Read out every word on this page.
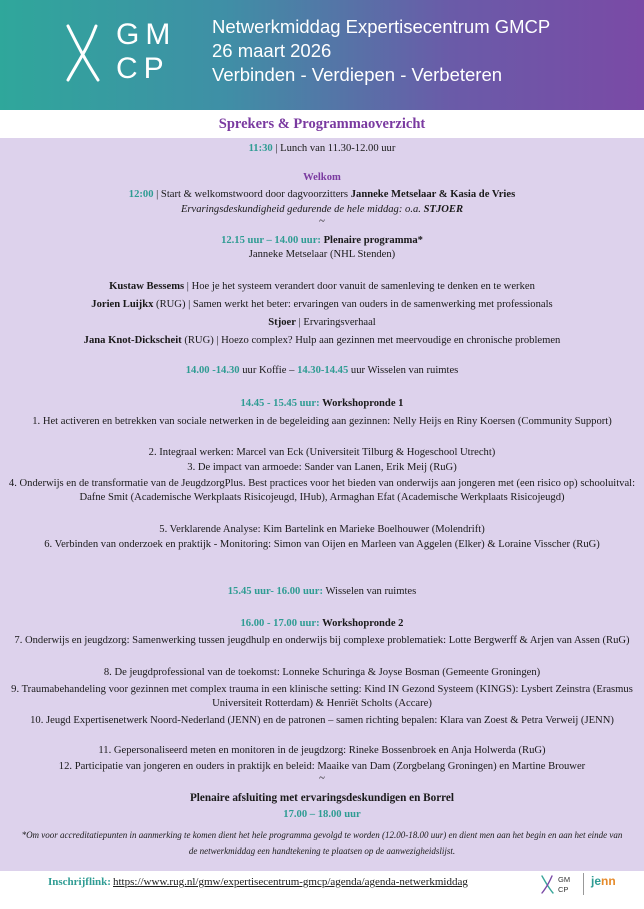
GM
CP
Netwerkmiddag Expertisecentrum GMCP
26 maart 2026
Verbinden - Verdiepen - Verbeteren
Sprekers & Programmaoverzicht
11:30 | Lunch van 11.30-12.00 uur
Welkom
12:00 | Start & welkomstwoord door dagvoorzitters Janneke Metselaar & Kasia de Vries
Ervaringsdeskundigheid gedurende de hele middag: o.a. STJOER
~
12.15 uur – 14.00 uur: Plenaire programma*
Janneke Metselaar (NHL Stenden)
Kustaw Bessems | Hoe je het systeem verandert door vanuit de samenleving te denken en te werken
Jorien Luijkx (RUG) | Samen werkt het beter: ervaringen van ouders in de samenwerking met professionals
Stjoer | Ervaringsverhaal
Jana Knot-Dickscheit (RUG) | Hoezo complex? Hulp aan gezinnen met meervoudige en chronische problemen
14.00 -14.30 uur Koffie – 14.30-14.45 uur Wisselen van ruimtes
14.45 - 15.45 uur: Workshopronde 1
1. Het activeren en betrekken van sociale netwerken in de begeleiding aan gezinnen: Nelly Heijs en Riny Koersen (Community Support)
2. Integraal werken: Marcel van Eck (Universiteit Tilburg & Hogeschool Utrecht)
3. De impact van armoede: Sander van Lanen, Erik Meij (RuG)
4. Onderwijs en de transformatie van de JeugdzorgPlus. Best practices voor het bieden van onderwijs aan jongeren met (een risico op) schooluitval: Dafne Smit (Academische Werkplaats Risicojeugd, IHub), Armaghan Efat (Academische Werkplaats Risicojeugd)
5. Verklarende Analyse: Kim Bartelink en Marieke Boelhouwer (Molendrift)
6. Verbinden van onderzoek en praktijk - Monitoring: Simon van Oijen en Marleen van Aggelen (Elker) & Loraine Visscher (RuG)
15.45 uur- 16.00 uur: Wisselen van ruimtes
16.00 - 17.00 uur: Workshopronde 2
7. Onderwijs en jeugdzorg: Samenwerking tussen jeugdhulp en onderwijs bij complexe problematiek: Lotte Bergwerff & Arjen van Assen (RuG)
8. De jeugdprofessional van de toekomst: Lonneke Schuringa & Joyse Bosman (Gemeente Groningen)
9. Traumabehandeling voor gezinnen met complex trauma in een klinische setting: Kind IN Gezond Systeem (KINGS): Lysbert Zeinstra (Erasmus Universiteit Rotterdam) & Henriët Scholts (Accare)
10. Jeugd Expertisenetwerk Noord-Nederland (JENN) en de patronen – samen richting bepalen: Klara van Zoest & Petra Verweij (JENN)
11. Gepersonaliseerd meten en monitoren in de jeugdzorg: Rineke Bossenbroek en Anja Holwerda (RuG)
12. Participatie van jongeren en ouders in praktijk en beleid: Maaike van Dam (Zorgbelang Groningen) en Martine Brouwer
~
Plenaire afsluiting met ervaringsdeskundigen en Borrel
17.00 – 18.00 uur
*Om voor accreditatiepunten in aanmerking te komen dient het hele programma gevolgd te worden (12.00-18.00 uur) en dient men aan het begin en aan het einde van de netwerkmiddag een handtekening te plaatsen op de aanwezigheidslijst.
Inschrijflink: https://www.rug.nl/gmw/expertisecentrum-gmcp/agenda/agenda-netwerkmiddag	GM
CP
jenn
